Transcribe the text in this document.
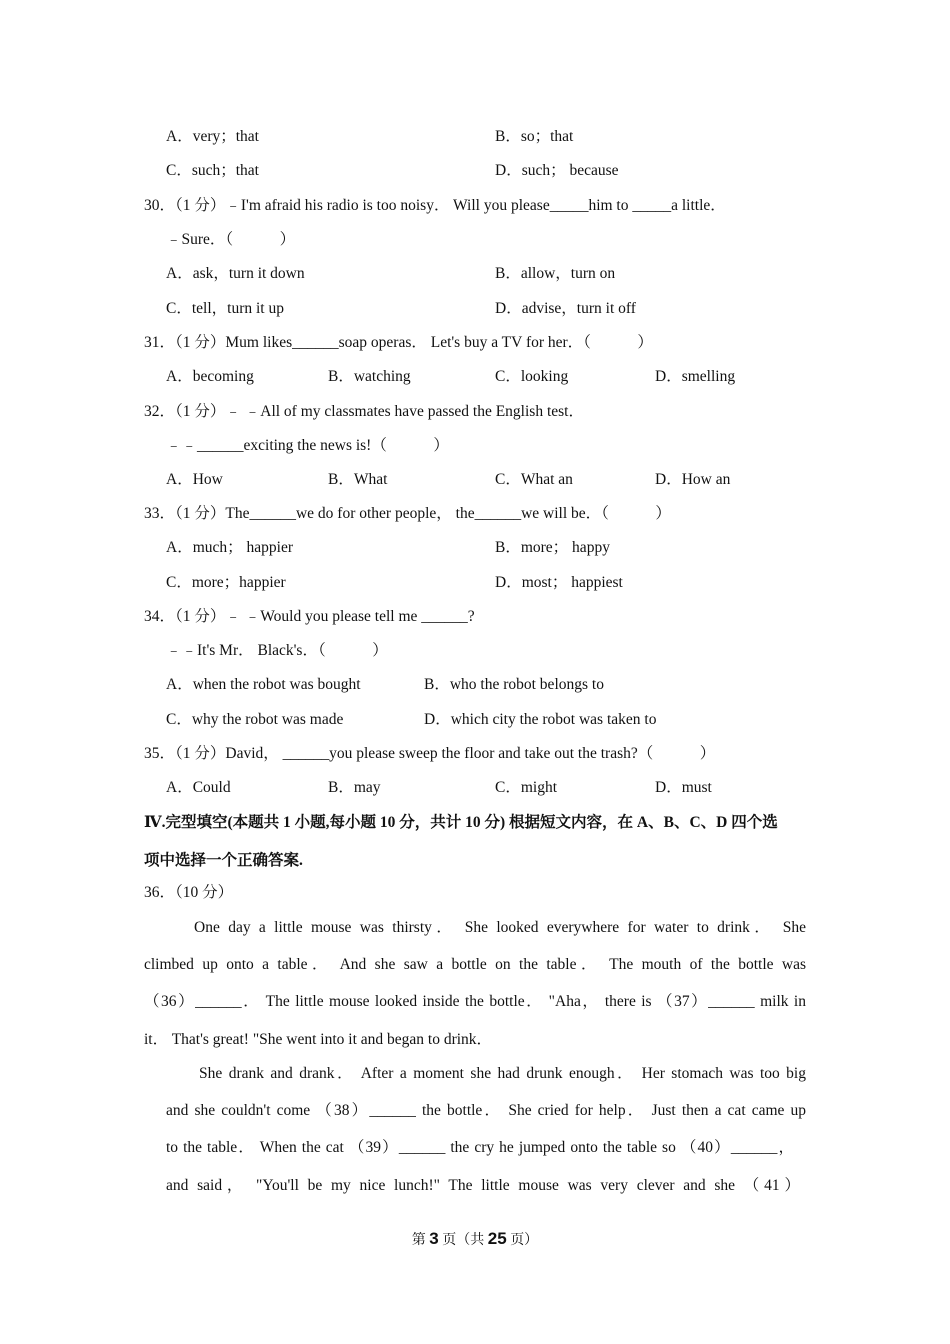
A．very；that	B．so；that
C．such；that	D．such； because
30．（1 分）﹣I'm afraid his radio is too noisy． Will you please_____him to _____a little．
﹣Sure．（　　　）
A．ask，turn it down	B．allow，turn on
C．tell，turn it up	D．advise，turn it off
31．（1 分）Mum likes______soap operas． Let's buy a TV for her．（　　　）
A．becoming	B．watching	C．looking	D．smelling
32．（1 分）﹣ ﹣All of my classmates have passed the English test．
﹣﹣______exciting the news is!（　　　）
A．How	B．What	C．What an	D．How an
33．（1 分）The______we do for other people， the______we will be．（　　　）
A．much； happier	B．more； happy
C．more；happier	D．most； happiest
34．（1 分）﹣ ﹣Would you please tell me ______?
﹣﹣It's Mr． Black's．（　　　）
A．when the robot was bought	B．who the robot belongs to
C．why the robot was made	D．which city the robot was taken to
35．（1 分）David， ______you please sweep the floor and take out the trash?（　　　）
A．Could	B．may	C．might	D．must
Ⅳ.完型填空(本题共 1 小题,每小题 10 分，共计 10 分) 根据短文内容，在 A、B、C、D 四个选
项中选择一个正确答案.
36．（10 分）
One day a little mouse was thirsty． She looked everywhere for water to drink． She
climbed up onto a table． And she saw a bottle on the table． The mouth of the bottle was
（36）______． The little mouse looked inside the bottle． "Aha， there is （37）______ milk in
it． That's great! "She went into it and began to drink．
She drank and drank． After a moment she had drunk enough． Her stomach was too big
and she couldn't come （38）______ the bottle． She cried for help． Just then a cat came up
to the table． When the cat （39）______ the cry he jumped onto the table so （40）______，
and said， "You'll be my nice lunch!" The little mouse was very clever and she （41）
第 3 页（共 25 页）
